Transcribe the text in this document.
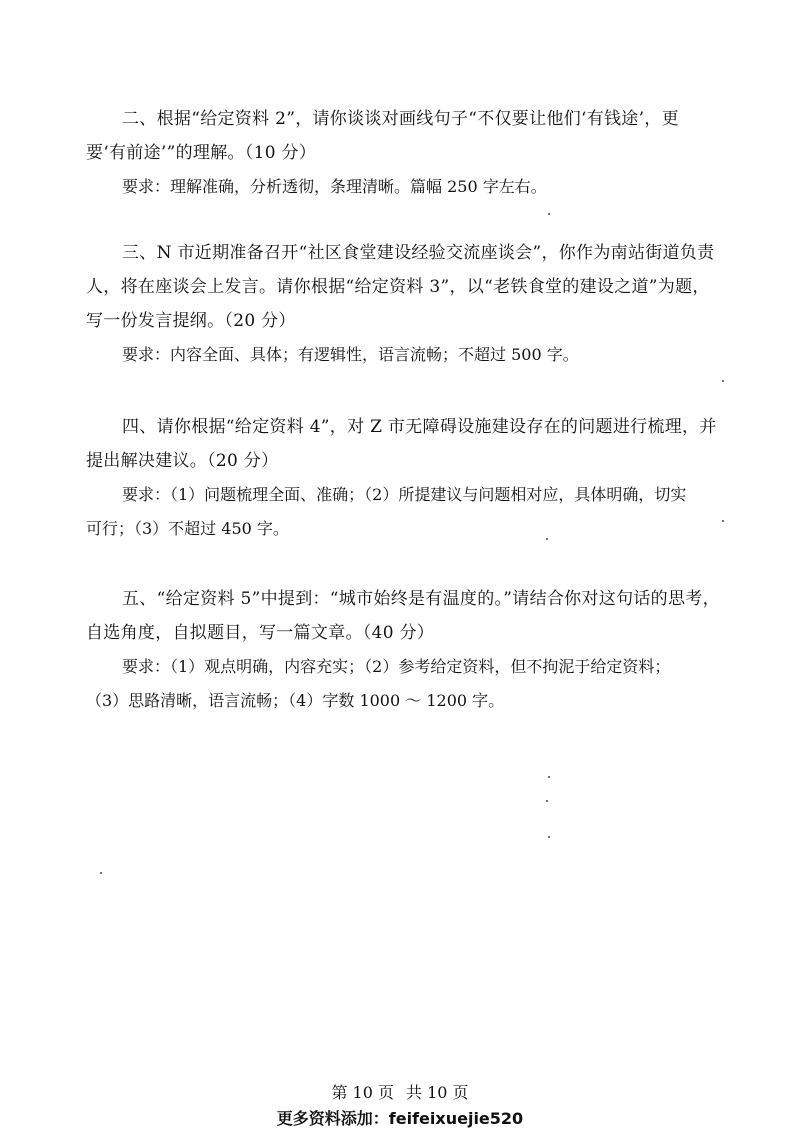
二、根据“给定资料 2”，请你谈谈对画线句子“不仅要让他们‘有钱途’，更
要‘有前途’”的理解。（10 分）
要求：理解准确，分析透彻，条理清晰。篇幅 250 字左右。
三、N 市近期准备召开“社区食堂建设经验交流座谈会”，你作为南站街道负责
人，将在座谈会上发言。请你根据“给定资料 3”，以“老铁食堂的建设之道”为题，
写一份发言提纲。（20 分）
要求：内容全面、具体；有逻辑性，语言流畅；不超过 500 字。
四、请你根据“给定资料 4”，对 Z 市无障碍设施建设存在的问题进行梳理，并
提出解决建议。（20 分）
要求：（1）问题梳理全面、准确；（2）所提建议与问题相对应，具体明确，切实
可行；（3）不超过 450 字。
五、“给定资料 5”中提到：“城市始终是有温度的。”请结合你对这句话的思考，
自选角度，自拟题目，写一篇文章。（40 分）
要求：（1）观点明确，内容充实；（2）参考给定资料，但不拘泥于给定资料；
（3）思路清晰，语言流畅；（4）字数 1000 ～ 1200 字。
第 10 页 共 10 页
更多资料添加：feifeixuejie520
